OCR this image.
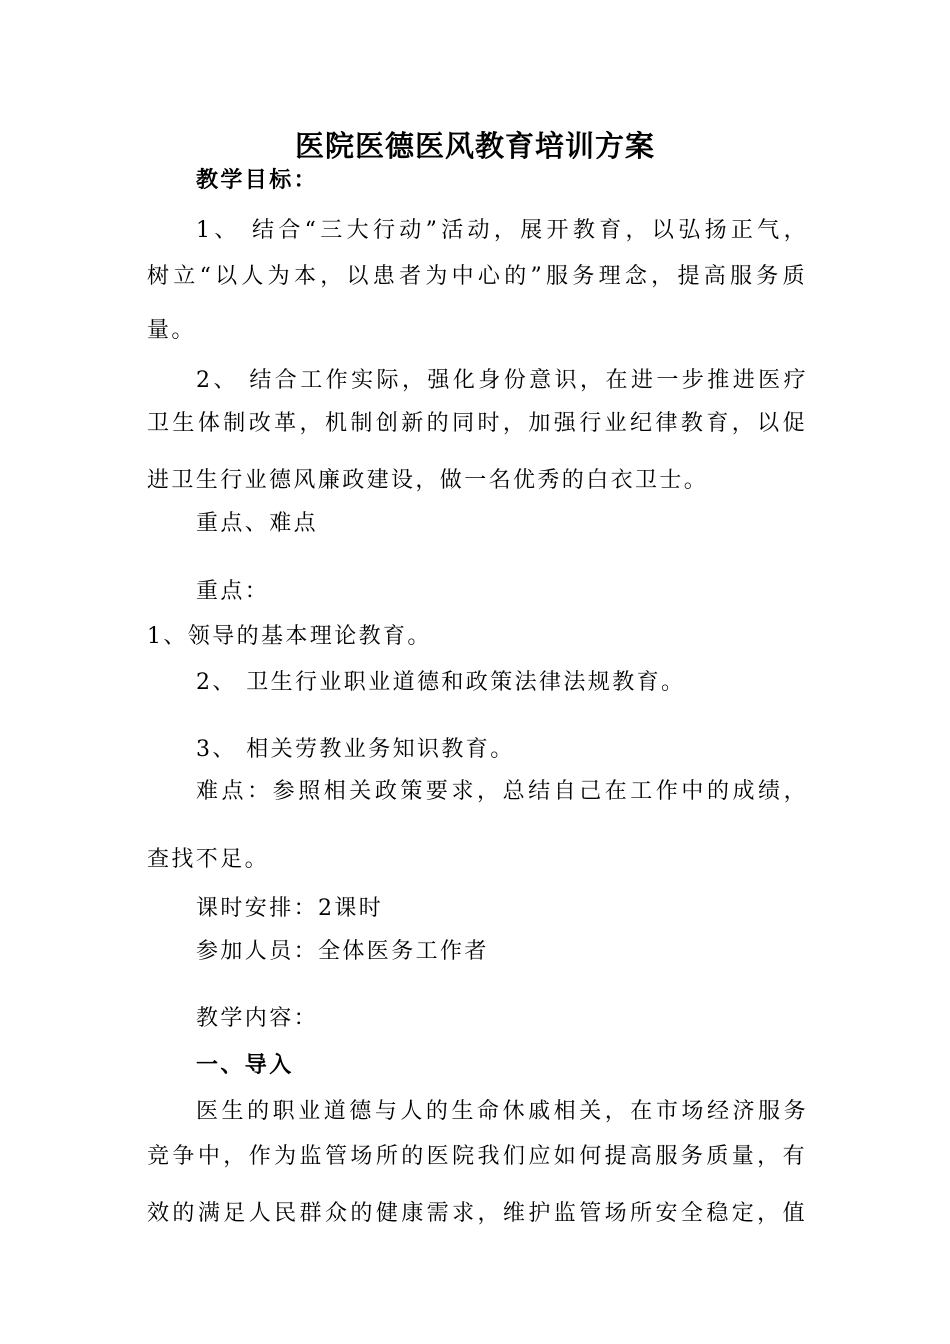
医院医德医风教育培训方案
教学目标：
1、 结合“三大行动”活动，展开教育，以弘扬正气，
树立“以人为本，以患者为中心的”服务理念，提高服务质
量。
2、 结合工作实际，强化身份意识，在进一步推进医疗
卫生体制改革，机制创新的同时，加强行业纪律教育，以促
进卫生行业德风廉政建设，做一名优秀的白衣卫士。
重点、难点
重点：
1、领导的基本理论教育。
2、 卫生行业职业道德和政策法律法规教育。
3、 相关劳教业务知识教育。
难点：参照相关政策要求，总结自己在工作中的成绩，
查找不足。
课时安排：2课时
参加人员：全体医务工作者
教学内容：
一、导入
医生的职业道德与人的生命休戚相关，在市场经济服务
竞争中，作为监管场所的医院我们应如何提高服务质量，有
效的满足人民群众的健康需求，维护监管场所安全稳定，值
